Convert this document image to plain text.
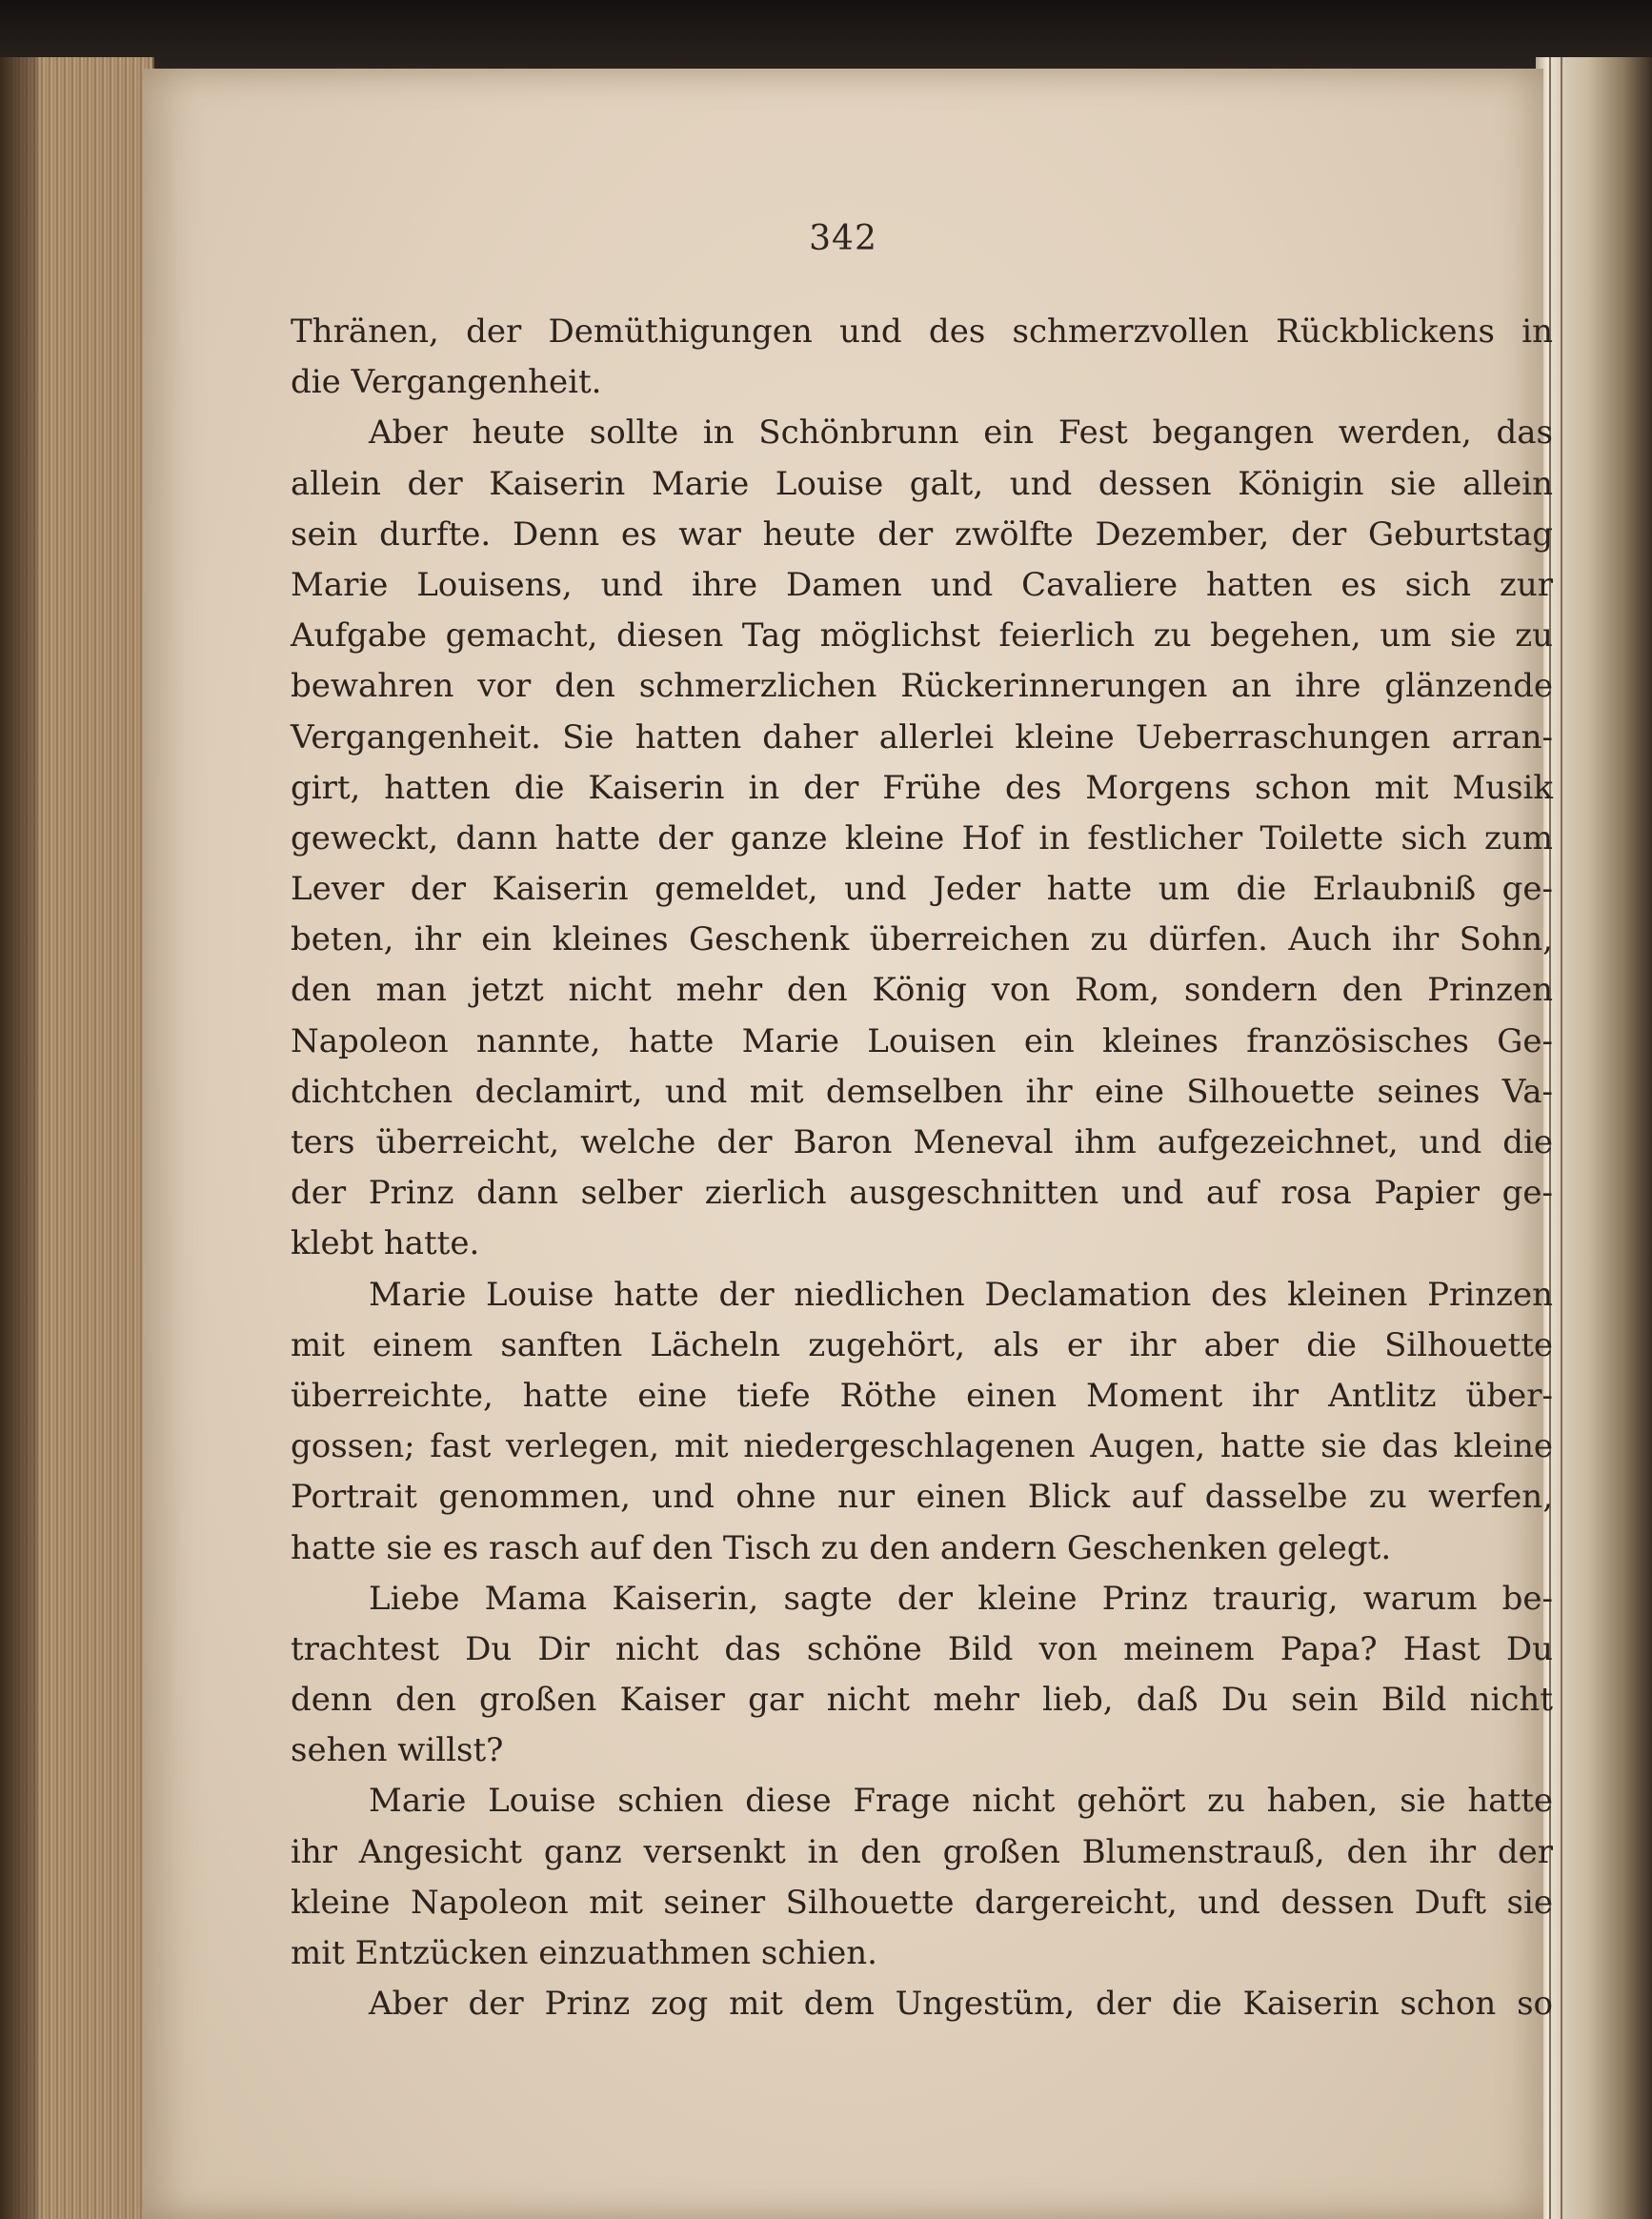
342
Thränen, der Demüthigungen und des schmerzvollen Rückblickens in
die Vergangenheit.
Aber heute sollte in Schönbrunn ein Fest begangen werden, das
allein der Kaiserin Marie Louise galt, und dessen Königin sie allein
sein durfte. Denn es war heute der zwölfte Dezember, der Geburtstag
Marie Louisens, und ihre Damen und Cavaliere hatten es sich zur
Aufgabe gemacht, diesen Tag möglichst feierlich zu begehen, um sie zu
bewahren vor den schmerzlichen Rückerinnerungen an ihre glänzende
Vergangenheit. Sie hatten daher allerlei kleine Ueberraschungen arran-
girt, hatten die Kaiserin in der Frühe des Morgens schon mit Musik
geweckt, dann hatte der ganze kleine Hof in festlicher Toilette sich zum
Lever der Kaiserin gemeldet, und Jeder hatte um die Erlaubniß ge-
beten, ihr ein kleines Geschenk überreichen zu dürfen. Auch ihr Sohn,
den man jetzt nicht mehr den König von Rom, sondern den Prinzen
Napoleon nannte, hatte Marie Louisen ein kleines französisches Ge-
dichtchen declamirt, und mit demselben ihr eine Silhouette seines Va-
ters überreicht, welche der Baron Meneval ihm aufgezeichnet, und die
der Prinz dann selber zierlich ausgeschnitten und auf rosa Papier ge-
klebt hatte.
Marie Louise hatte der niedlichen Declamation des kleinen Prinzen
mit einem sanften Lächeln zugehört, als er ihr aber die Silhouette
überreichte, hatte eine tiefe Röthe einen Moment ihr Antlitz über-
gossen; fast verlegen, mit niedergeschlagenen Augen, hatte sie das kleine
Portrait genommen, und ohne nur einen Blick auf dasselbe zu werfen,
hatte sie es rasch auf den Tisch zu den andern Geschenken gelegt.
Liebe Mama Kaiserin, sagte der kleine Prinz traurig, warum be-
trachtest Du Dir nicht das schöne Bild von meinem Papa? Hast Du
denn den großen Kaiser gar nicht mehr lieb, daß Du sein Bild nicht
sehen willst?
Marie Louise schien diese Frage nicht gehört zu haben, sie hatte
ihr Angesicht ganz versenkt in den großen Blumenstrauß, den ihr der
kleine Napoleon mit seiner Silhouette dargereicht, und dessen Duft sie
mit Entzücken einzuathmen schien.
Aber der Prinz zog mit dem Ungestüm, der die Kaiserin schon so
